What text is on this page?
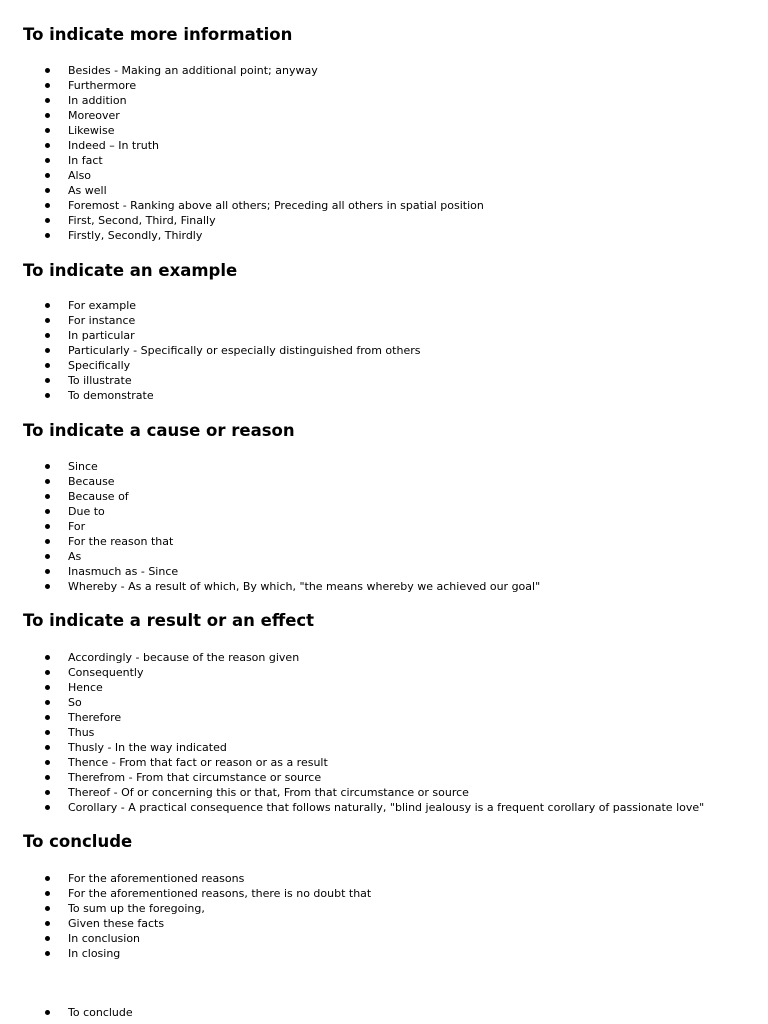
To indicate more information
Besides - Making an additional point; anyway
Furthermore
In addition
Moreover
Likewise
Indeed – In truth
In fact
Also
As well
Foremost - Ranking above all others; Preceding all others in spatial position
First, Second, Third, Finally
Firstly, Secondly, Thirdly
To indicate an example
For example
For instance
In particular
Particularly - Specifically or especially distinguished from others
Specifically
To illustrate
To demonstrate
To indicate a cause or reason
Since
Because
Because of
Due to
For
For the reason that
As
Inasmuch as - Since
Whereby - As a result of which, By which, "the means whereby we achieved our goal"
To indicate a result or an effect
Accordingly - because of the reason given
Consequently
Hence
So
Therefore
Thus
Thusly - In the way indicated
Thence - From that fact or reason or as a result
Therefrom - From that circumstance or source
Thereof - Of or concerning this or that, From that circumstance or source
Corollary - A practical consequence that follows naturally, "blind jealousy is a frequent corollary of passionate love"
To conclude
For the aforementioned reasons
For the aforementioned reasons, there is no doubt that
To sum up the foregoing,
Given these facts
In conclusion
In closing
To conclude
